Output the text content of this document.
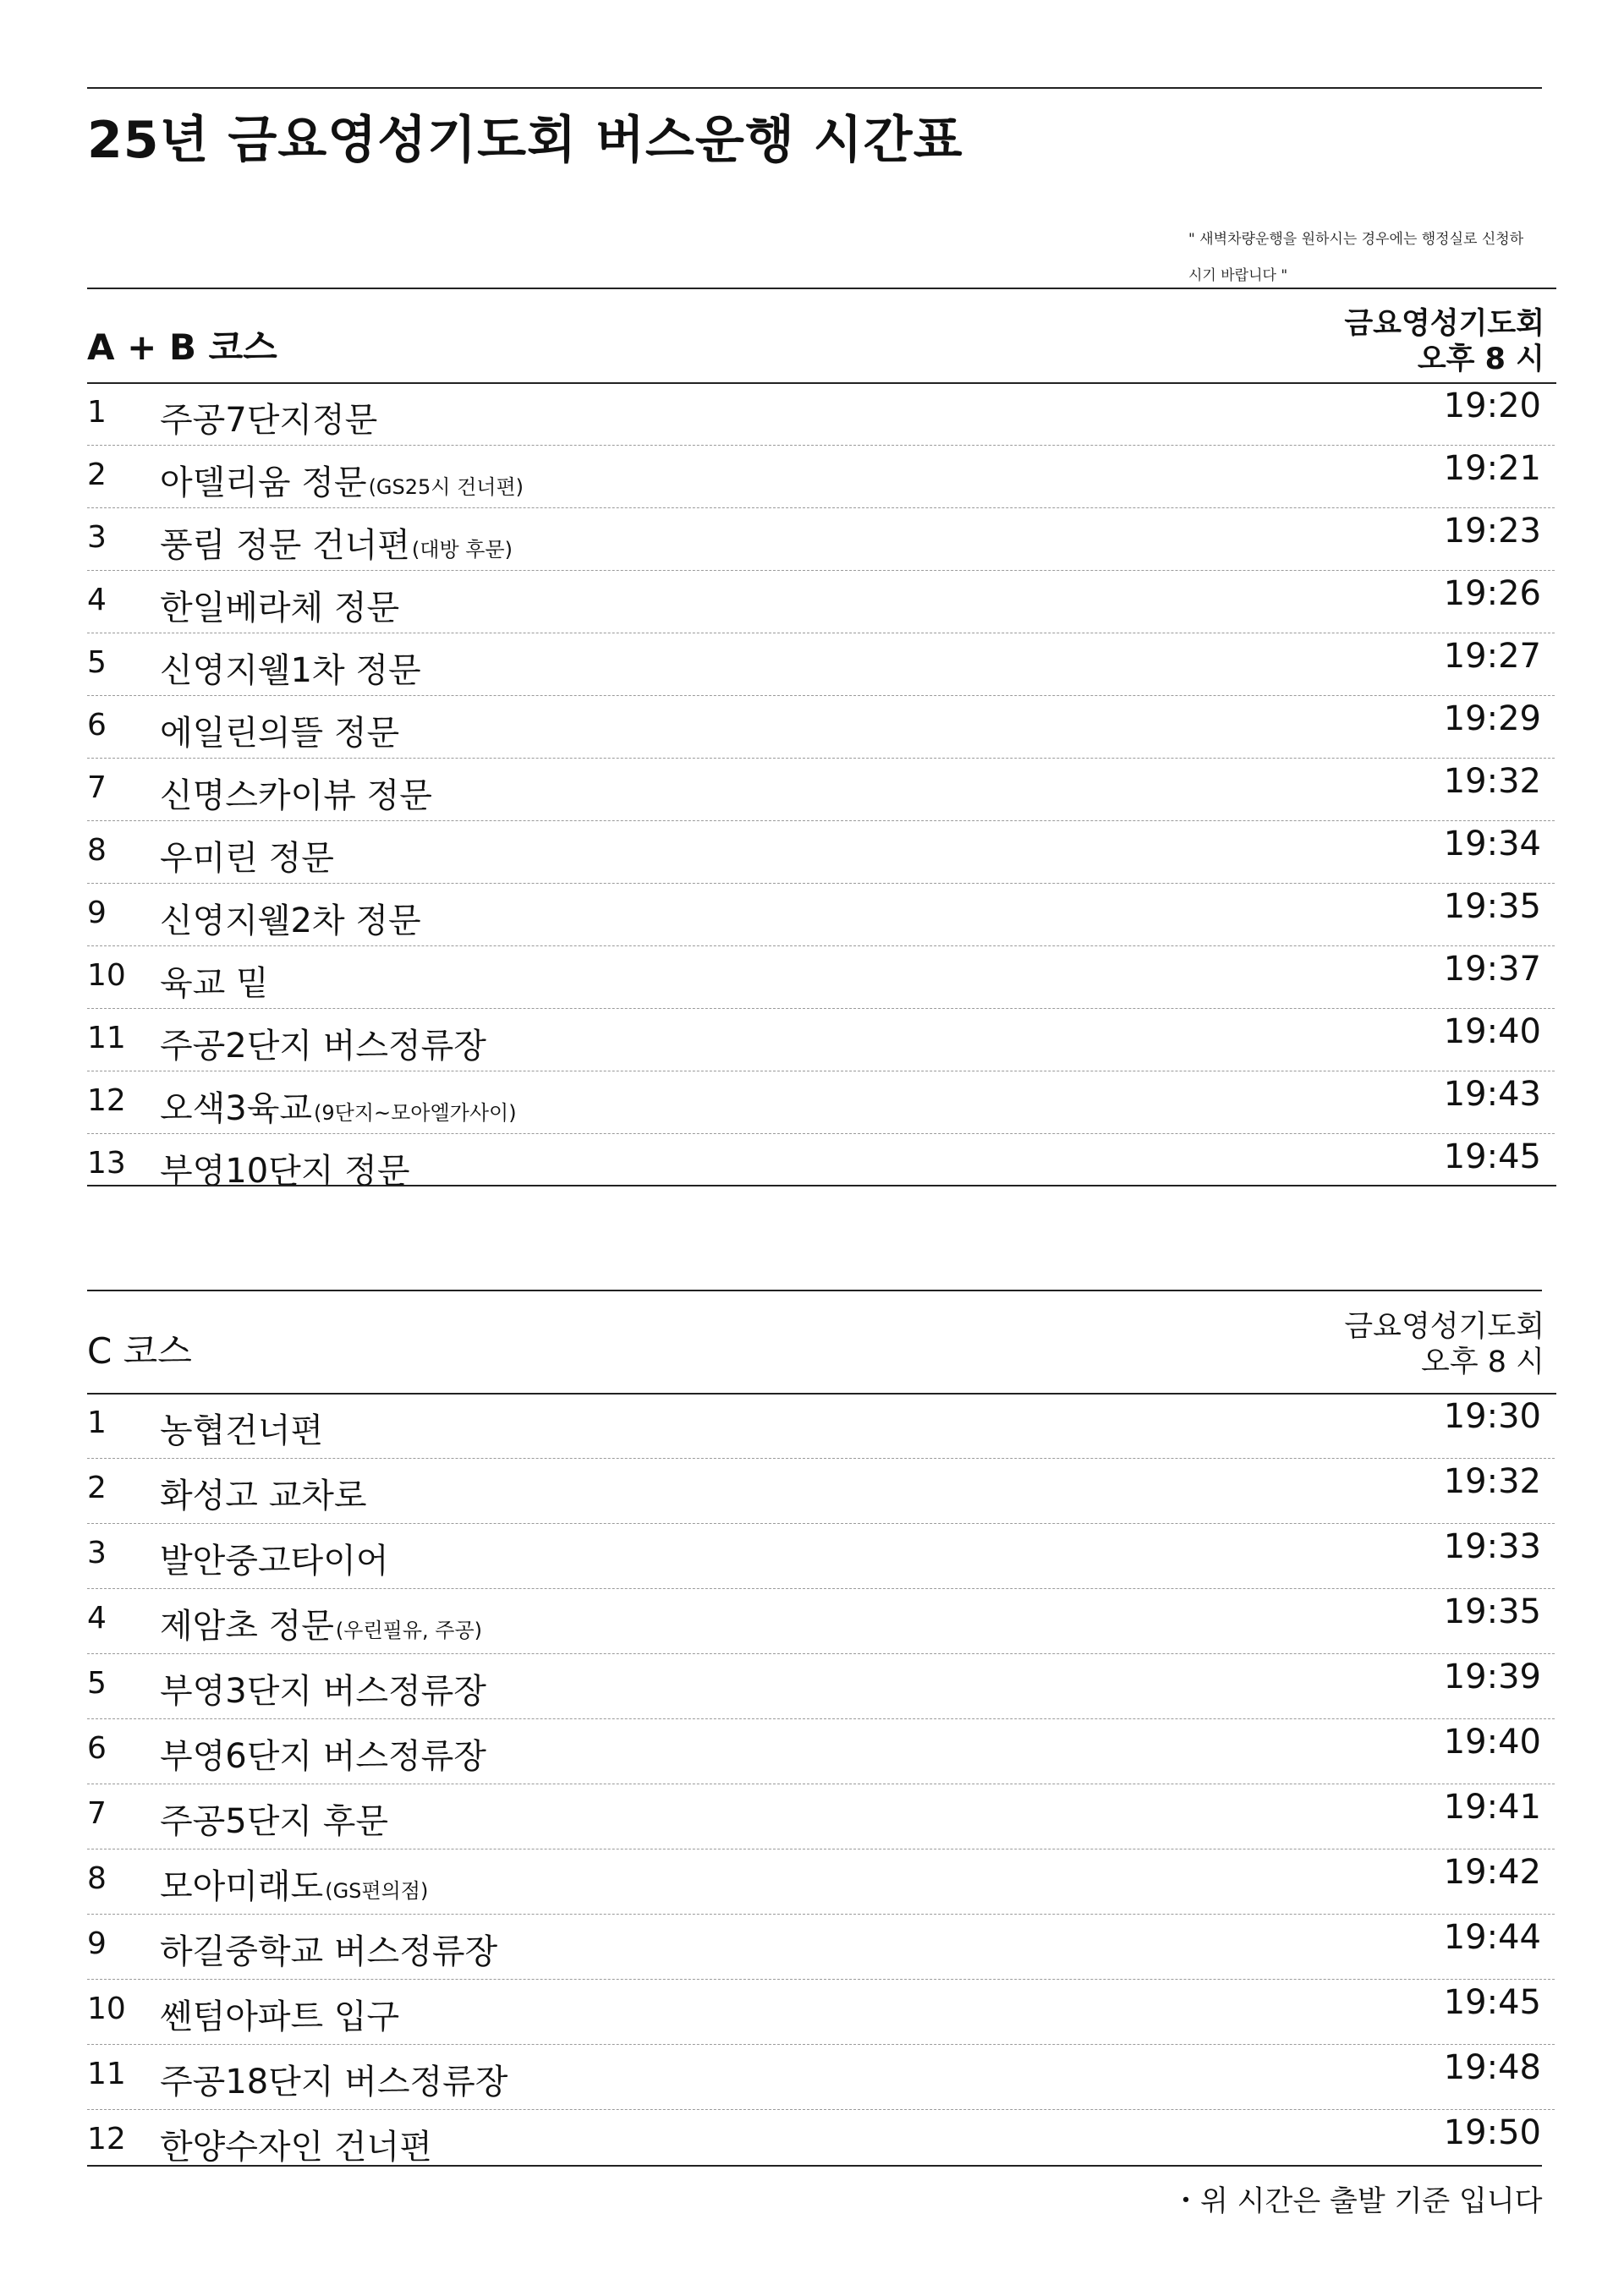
25년 금요영성기도회 버스운행 시간표
" 새벽차량운행을 원하시는 경우에는 행정실로 신청하
시기 바랍니다 "
A + B 코스
금요영성기도회
오후 8 시
1 주공7단지정문	19:20
2 아델리움 정문(GS25시 건너편)	19:21
3 풍림 정문 건너편(대방 후문)	19:23
4 한일베라체 정문	19:26
5 신영지웰1차 정문	19:27
6 에일린의뜰 정문	19:29
7 신명스카이뷰 정문	19:32
8 우미린 정문	19:34
9 신영지웰2차 정문	19:35
10 육교 밑	19:37
11 주공2단지 버스정류장	19:40
12 오색3육교(9단지~모아엘가사이)	19:43
13 부영10단지 정문	19:45
C 코스
금요영성기도회
오후 8 시
1 농협건너편	19:30
2 화성고 교차로	19:32
3 발안중고타이어	19:33
4 제암초 정문(우린필유, 주공)	19:35
5 부영3단지 버스정류장	19:39
6 부영6단지 버스정류장	19:40
7 주공5단지 후문	19:41
8 모아미래도(GS편의점)	19:42
9 하길중학교 버스정류장	19:44
10 쎈텀아파트 입구	19:45
11 주공18단지 버스정류장	19:48
12 한양수자인 건너편	19:50
・위 시간은 출발 기준 입니다
